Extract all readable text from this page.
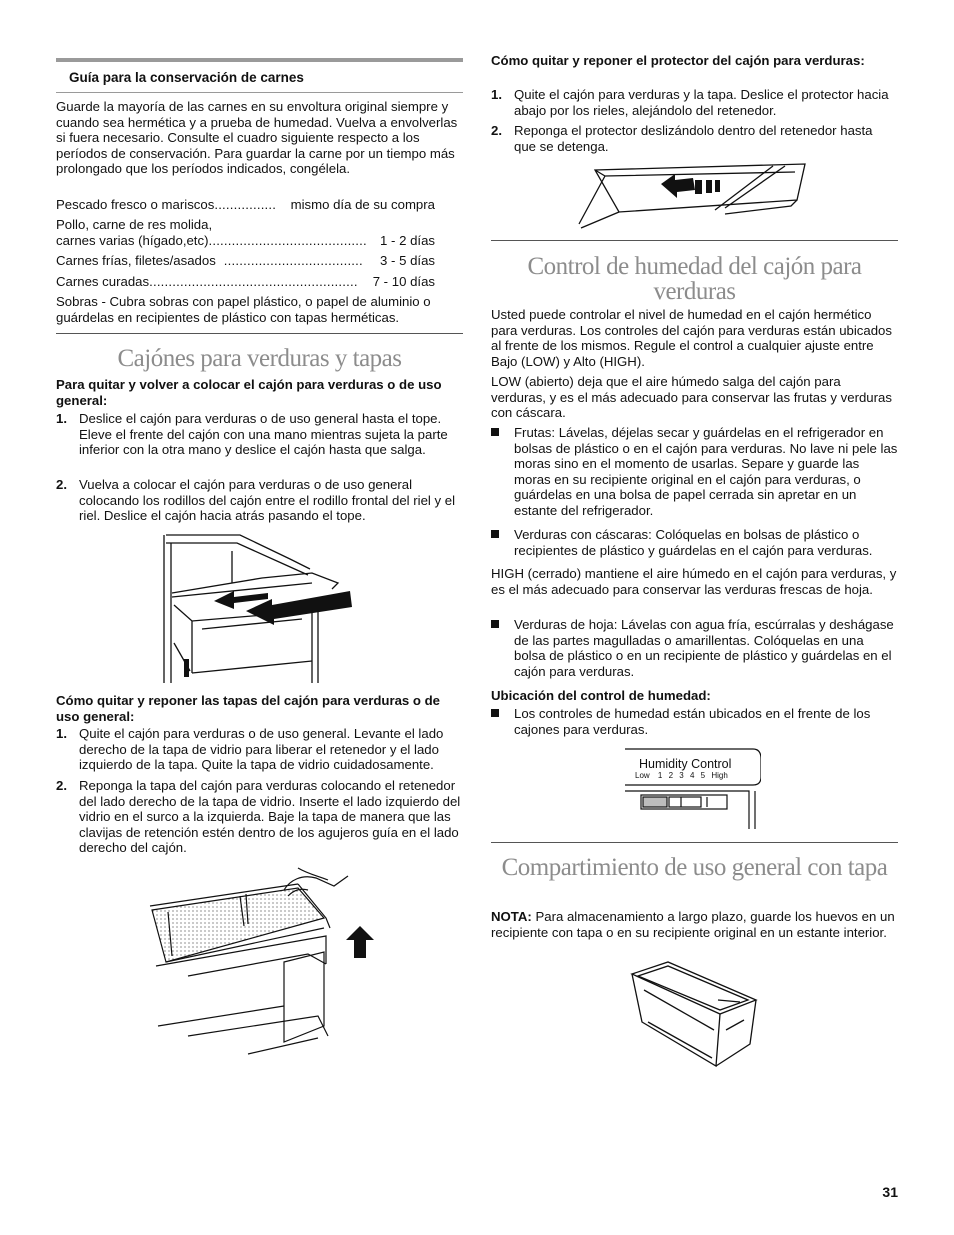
Guía para la conservación de carnes

Guarde la mayoría de las carnes en su envoltura original siempre y cuando sea hermética y a prueba de humedad. Vuelva a envolverlas si fuera necesario. Consulte el cuadro siguiente respecto a los períodos de conservación. Para guardar la carne por un tiempo más prolongado que los períodos indicados, congélela.

Pescado fresco o mariscos ................	mismo día de su compra

Pollo, carne de res molida,

carnes varias (hígado,etc) ......................................... 1 - 2 días
Carnes frías, filetes/asados ....................................	3 - 5 días
Carnes curadas ......................................................	7 - 10 días

Sobras - Cubra sobras con papel plástico, o papel de aluminio o guárdelas en recipientes de plástico con tapas herméticas.

Cajónes para verduras y tapas

Para quitar y volver a colocar el cajón para verduras o de uso general:

1. Deslice el cajón para verduras o de uso general hasta el tope. Eleve el frente del cajón con una mano mientras sujeta la parte inferior con la otra mano y deslice el cajón hasta que salga.
2. Vuelva a colocar el cajón para verduras o de uso general colocando los rodillos del cajón entre el rodillo frontal del riel y el riel. Deslice el cajón hacia atrás pasando el tope.

Cómo quitar y reponer las tapas del cajón para verduras o de uso general:

1. Quite el cajón para verduras o de uso general. Levante el lado derecho de la tapa de vidrio para liberar el retenedor y el lado izquierdo de la tapa. Quite la tapa de vidrio cuidadosamente.
2. Reponga la tapa del cajón para verduras colocando el retenedor del lado derecho de la tapa de vidrio. Inserte el lado izquierdo del vidrio en el surco a la izquierda. Baje la tapa de manera que las clavijas de retención estén dentro de los agujeros guía en el lado derecho del cajón.

Cómo quitar y reponer el protector del cajón para verduras:

1. Quite el cajón para verduras y la tapa. Deslice el protector hacia abajo por los rieles, alejándolo del retenedor.
2. Reponga el protector deslizándolo dentro del retenedor hasta que se detenga.
Control de humedad del cajón para verduras

Usted puede controlar el nivel de humedad en el cajón hermético para verduras. Los controles del cajón para verduras están ubicados al frente de los mismos. Regule el control a cualquier ajuste entre Bajo (LOW) y Alto (HIGH).

LOW (abierto) deja que el aire húmedo salga del cajón para verduras, y es el más adecuado para conservar las frutas y verduras con cáscara.

Frutas: Lávelas, déjelas secar y guárdelas en el refrigerador en bolsas de plástico o en el cajón para verduras. No lave ni pele las moras sino en el momento de usarlas. Separe y guarde las moras en su recipiente original en el cajón para verduras, o guárdelas en una bolsa de papel cerrada sin apretar en un estante del refrigerador.
Verduras con cáscaras: Colóquelas en bolsas de plástico o recipientes de plástico y guárdelas en el cajón para verduras.

HIGH (cerrado) mantiene el aire húmedo en el cajón para verduras, y es el más adecuado para conservar las verduras frescas de hoja.

Verduras de hoja: Lávelas con agua fría, escúrralas y deshágase de las partes magulladas o amarillentas. Colóquelas en una bolsa de plástico o en un recipiente de plástico y guárdelas en el cajón para verduras.

Ubicación del control de humedad:

Los controles de humedad están ubicados en el frente de los cajones para verduras.
Humidity Control
Low 1 2 3 4 5 High
Compartimiento de uso general con tapa

NOTA: Para almacenamiento a largo plazo, guarde los huevos en un recipiente con tapa o en su recipiente original en un estante interior.

31
